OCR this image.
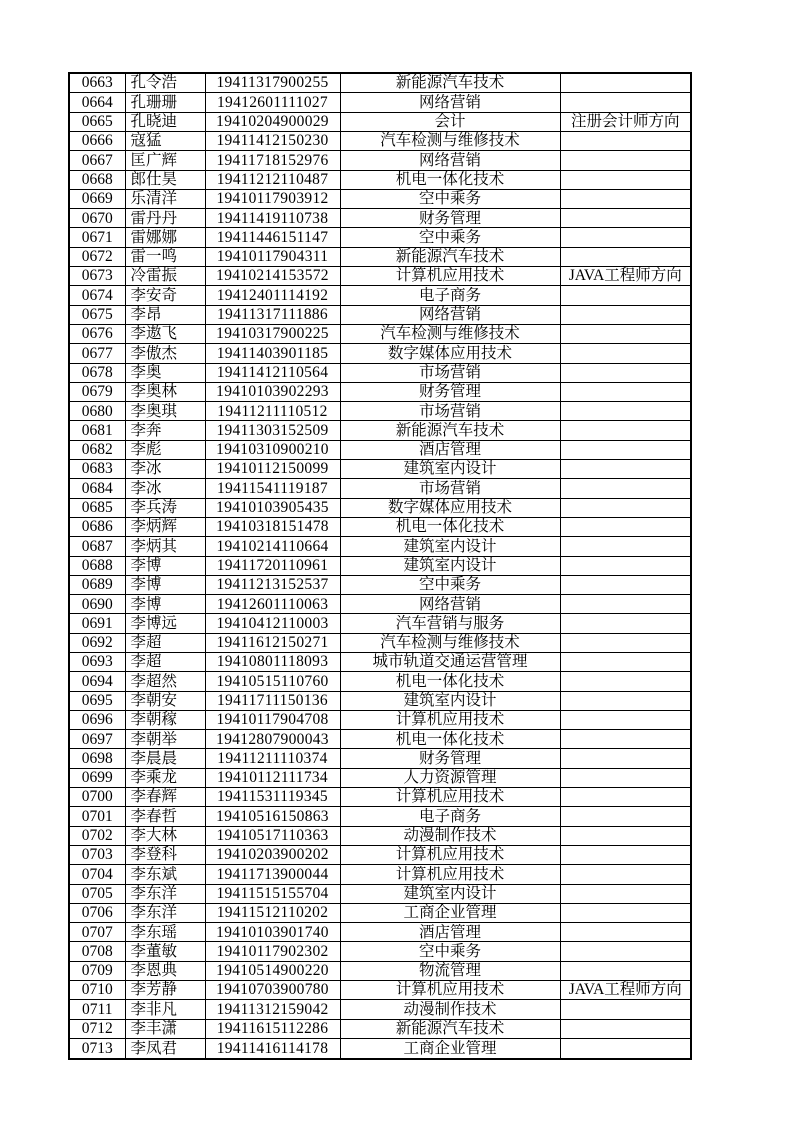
0663	孔令浩	19411317900255	新能源汽车技术	
0664	孔珊珊	19412601111027	网络营销	
0665	孔晓迪	19410204900029	会计	注册会计师方向
0666	寇猛	19411412150230	汽车检测与维修技术	
0667	匡广辉	19411718152976	网络营销	
0668	郎仕昊	19411212110487	机电一体化技术	
0669	乐清洋	19410117903912	空中乘务	
0670	雷丹丹	19411419110738	财务管理	
0671	雷娜娜	19411446151147	空中乘务	
0672	雷一鸣	19410117904311	新能源汽车技术	
0673	冷雷振	19410214153572	计算机应用技术	JAVA工程师方向
0674	李安奇	19412401114192	电子商务	
0675	李昂	19411317111886	网络营销	
0676	李遨飞	19410317900225	汽车检测与维修技术	
0677	李傲杰	19411403901185	数字媒体应用技术	
0678	李奥	19411412110564	市场营销	
0679	李奥林	19410103902293	财务管理	
0680	李奥琪	19411211110512	市场营销	
0681	李奔	19411303152509	新能源汽车技术	
0682	李彪	19410310900210	酒店管理	
0683	李冰	19410112150099	建筑室内设计	
0684	李冰	19411541119187	市场营销	
0685	李兵涛	19410103905435	数字媒体应用技术	
0686	李炳辉	19410318151478	机电一体化技术	
0687	李炳其	19410214110664	建筑室内设计	
0688	李博	19411720110961	建筑室内设计	
0689	李博	19411213152537	空中乘务	
0690	李博	19412601110063	网络营销	
0691	李博远	19410412110003	汽车营销与服务	
0692	李超	19411612150271	汽车检测与维修技术	
0693	李超	19410801118093	城市轨道交通运营管理	
0694	李超然	19410515110760	机电一体化技术	
0695	李朝安	19411711150136	建筑室内设计	
0696	李朝稼	19410117904708	计算机应用技术	
0697	李朝举	19412807900043	机电一体化技术	
0698	李晨晨	19411211110374	财务管理	
0699	李乘龙	19410112111734	人力资源管理	
0700	李春辉	19411531119345	计算机应用技术	
0701	李春哲	19410516150863	电子商务	
0702	李大林	19410517110363	动漫制作技术	
0703	李登科	19410203900202	计算机应用技术	
0704	李东斌	19411713900044	计算机应用技术	
0705	李东洋	19411515155704	建筑室内设计	
0706	李东洋	19411512110202	工商企业管理	
0707	李东瑶	19410103901740	酒店管理	
0708	李董敏	19410117902302	空中乘务	
0709	李恩典	19410514900220	物流管理	
0710	李芳静	19410703900780	计算机应用技术	JAVA工程师方向
0711	李非凡	19411312159042	动漫制作技术	
0712	李丰潇	19411615112286	新能源汽车技术	
0713	李凤君	19411416114178	工商企业管理	
